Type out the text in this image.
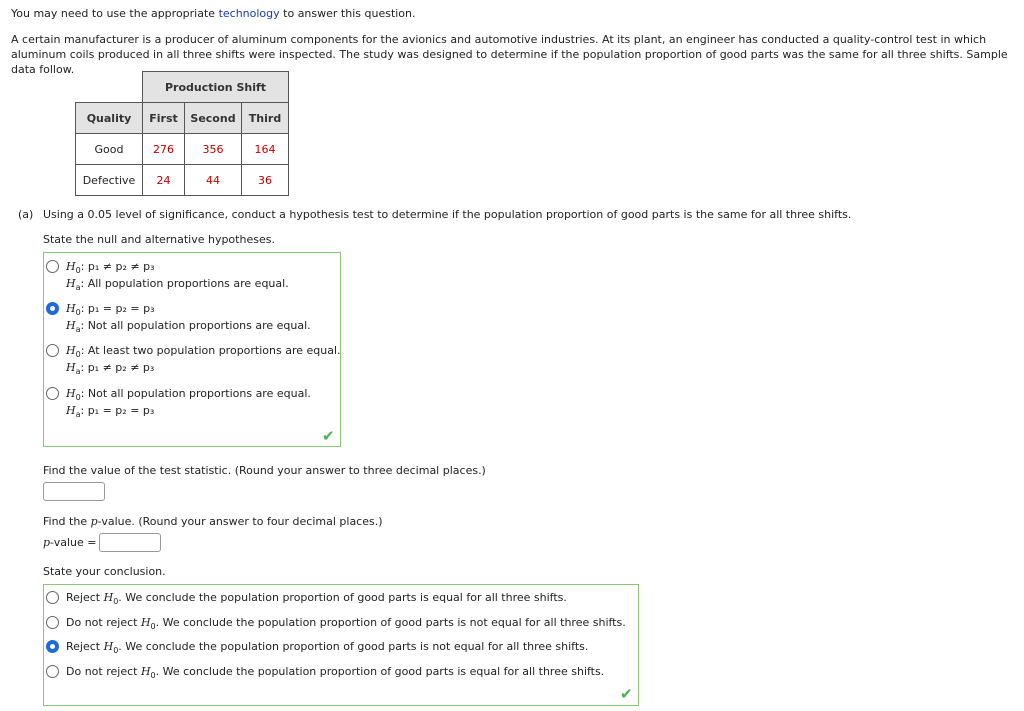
You may need to use the appropriate technology to answer this question.
A certain manufacturer is a producer of aluminum components for the avionics and automotive industries. At its plant, an engineer has conducted a quality-control test in which aluminum coils produced in all three shifts were inspected. The study was designed to determine if the population proportion of good parts was the same for all three shifts. Sample data follow.
	Production Shift		
Quality	First	Second	Third
Good	276	356	164
Defective	24	44	36
(a) Using a 0.05 level of significance, conduct a hypothesis test to determine if the population proportion of good parts is the same for all three shifts.
State the null and alternative hypotheses.
$H_0$: p₁ ≠ p₂ ≠ p₃
$H_a$: All population proportions are equal.
$H_0$: p₁ = p₂ = p₃
$H_a$: Not all population proportions are equal.
$H_0$: At least two population proportions are equal.
$H_a$: p₁ ≠ p₂ ≠ p₃
$H_0$: Not all population proportions are equal.
$H_a$: p₁ = p₂ = p₃
✔
Find the value of the test statistic. (Round your answer to three decimal places.)
Find the p-value. (Round your answer to four decimal places.)
p-value =
State your conclusion.
Reject $H_0$. We conclude the population proportion of good parts is equal for all three shifts.
Do not reject $H_0$. We conclude the population proportion of good parts is not equal for all three shifts.
Reject $H_0$. We conclude the population proportion of good parts is not equal for all three shifts.
Do not reject $H_0$. We conclude the population proportion of good parts is equal for all three shifts.
✔
